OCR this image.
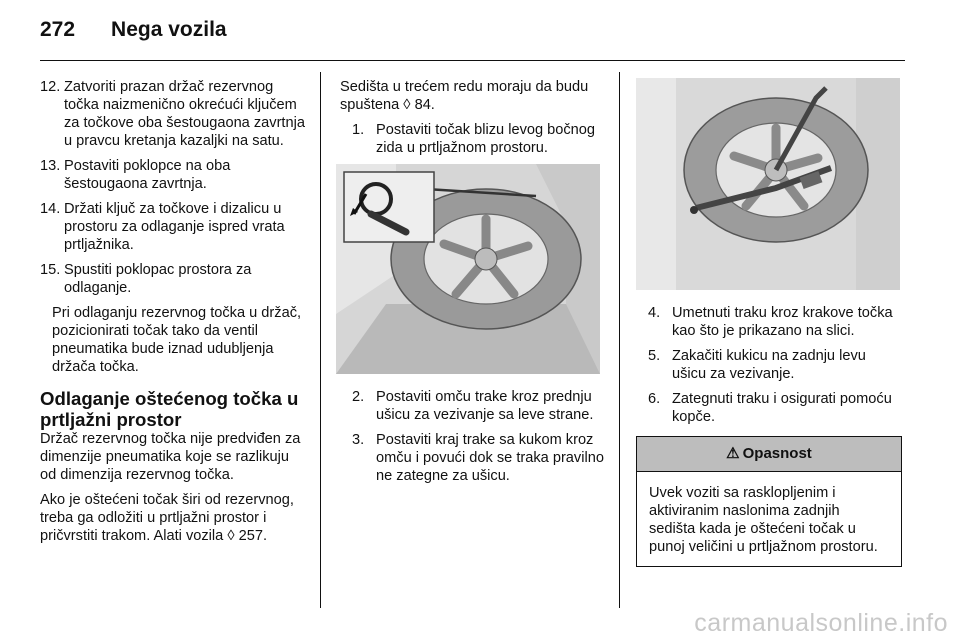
272 Nega vozila
12. Zatvoriti prazan držač rezervnog točka naizmenično okrećući ključem za točkove oba šestougaona zavrtnja u pravcu kretanja kazaljki na satu.
13. Postaviti poklopce na oba šestougaona zavrtnja.
14. Držati ključ za točkove i dizalicu u prostoru za odlaganje ispred vrata prtljažnika.
15. Spustiti poklopac prostora za odlaganje.

Pri odlaganju rezervnog točka u držač, pozicionirati točak tako da ventil pneumatika bude iznad udubljenja držača točka.

Odlaganje oštećenog točka u prtljažni prostor

Držač rezervnog točka nije predviđen za dimenzije pneumatika koje se razlikuju od dimenzija rezervnog točka.

Ako je oštećeni točak širi od rezervnog, treba ga odložiti u prtljažni prostor i pričvrstiti trakom. Alati vozila ◊ 257.

Sedišta u trećem redu moraju da budu spuštena ◊ 84.

1. Postaviti točak blizu levog bočnog zida u prtljažnom prostoru.
2. Postaviti omču trake kroz prednju ušicu za vezivanje sa leve strane.
3. Postaviti kraj trake sa kukom kroz omču i povući dok se traka pravilno ne zategne za ušicu.
4. Umetnuti traku kroz krakove točka kao što je prikazano na slici.
5. Zakačiti kukicu na zadnju levu ušicu za vezivanje.
6. Zategnuti traku i osigurati pomoću kopče.
⚠ Opasnost
Uvek voziti sa rasklopljenim i aktiviranim naslonima zadnjih sedišta kada je oštećeni točak u punoj veličini u prtljažnom prostoru.
carmanualsonline.info
